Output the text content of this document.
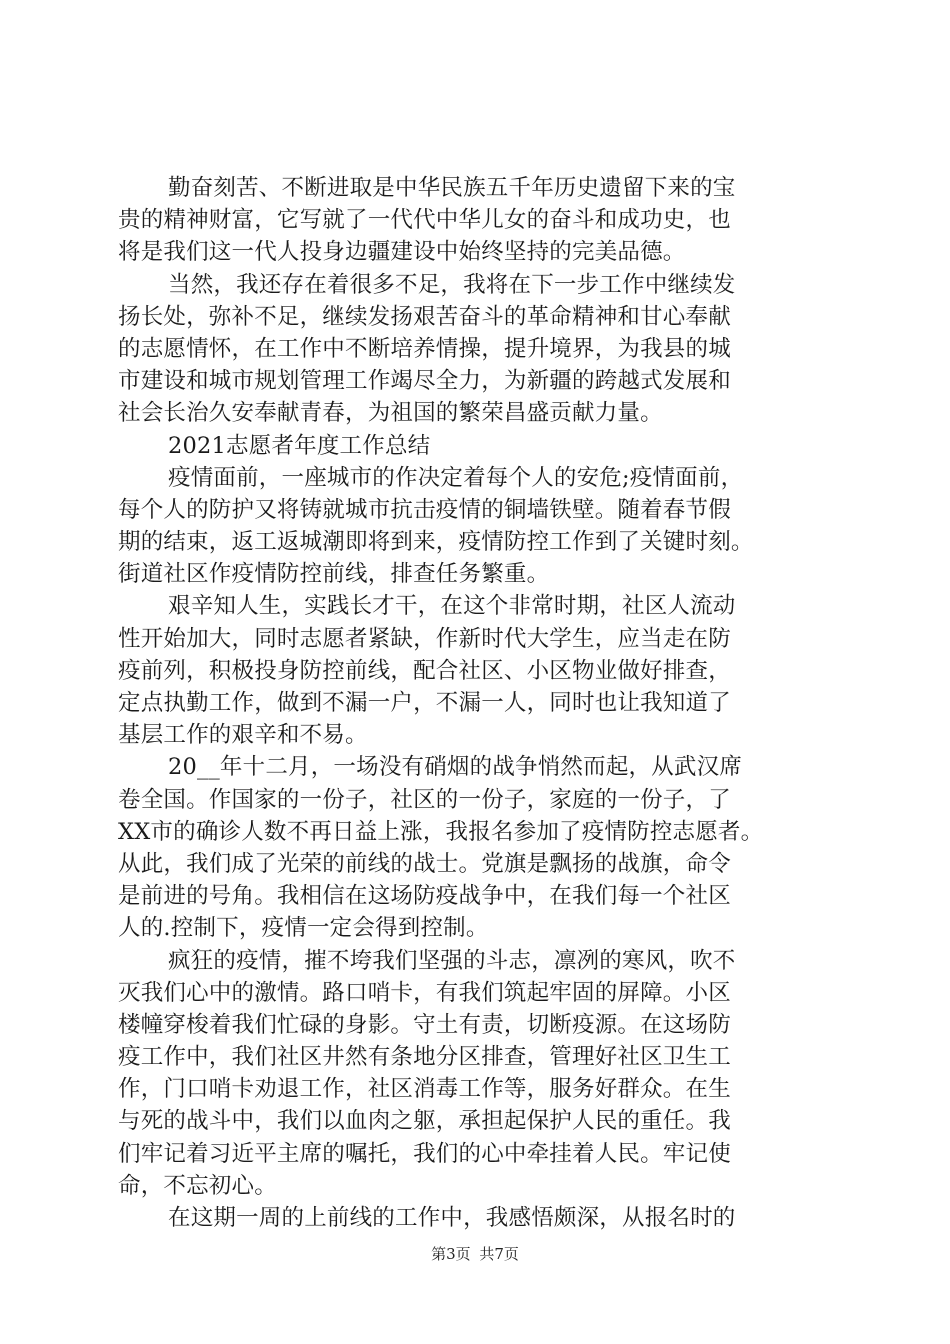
勤奋刻苦、不断进取是中华民族五千年历史遗留下来的宝
贵的精神财富，它写就了一代代中华儿女的奋斗和成功史，也
将是我们这一代人投身边疆建设中始终坚持的完美品德。
当然，我还存在着很多不足，我将在下一步工作中继续发
扬长处，弥补不足，继续发扬艰苦奋斗的革命精神和甘心奉献
的志愿情怀，在工作中不断培养情操，提升境界，为我县的城
市建设和城市规划管理工作竭尽全力，为新疆的跨越式发展和
社会长治久安奉献青春，为祖国的繁荣昌盛贡献力量。
2021志愿者年度工作总结
疫情面前，一座城市的作决定着每个人的安危;疫情面前，
每个人的防护又将铸就城市抗击疫情的铜墙铁壁。随着春节假
期的结束，返工返城潮即将到来，疫情防控工作到了关键时刻。
街道社区作疫情防控前线，排查任务繁重。
艰辛知人生，实践长才干，在这个非常时期，社区人流动
性开始加大，同时志愿者紧缺，作新时代大学生，应当走在防
疫前列，积极投身防控前线，配合社区、小区物业做好排查，
定点执勤工作，做到不漏一户，不漏一人，同时也让我知道了
基层工作的艰辛和不易。
20__年十二月，一场没有硝烟的战争悄然而起，从武汉席
卷全国。作国家的一份子，社区的一份子，家庭的一份子，了
XX市的确诊人数不再日益上涨，我报名参加了疫情防控志愿者。
从此，我们成了光荣的前线的战士。党旗是飘扬的战旗，命令
是前进的号角。我相信在这场防疫战争中，在我们每一个社区
人的.控制下，疫情一定会得到控制。
疯狂的疫情，摧不垮我们坚强的斗志，凛冽的寒风，吹不
灭我们心中的激情。路口哨卡，有我们筑起牢固的屏障。小区
楼幢穿梭着我们忙碌的身影。守土有责，切断疫源。在这场防
疫工作中，我们社区井然有条地分区排查，管理好社区卫生工
作，门口哨卡劝退工作，社区消毒工作等，服务好群众。在生
与死的战斗中，我们以血肉之躯，承担起保护人民的重任。我
们牢记着习近平主席的嘱托，我们的心中牵挂着人民。牢记使
命，不忘初心。
在这期一周的上前线的工作中，我感悟颇深，从报名时的
第3页 共7页
